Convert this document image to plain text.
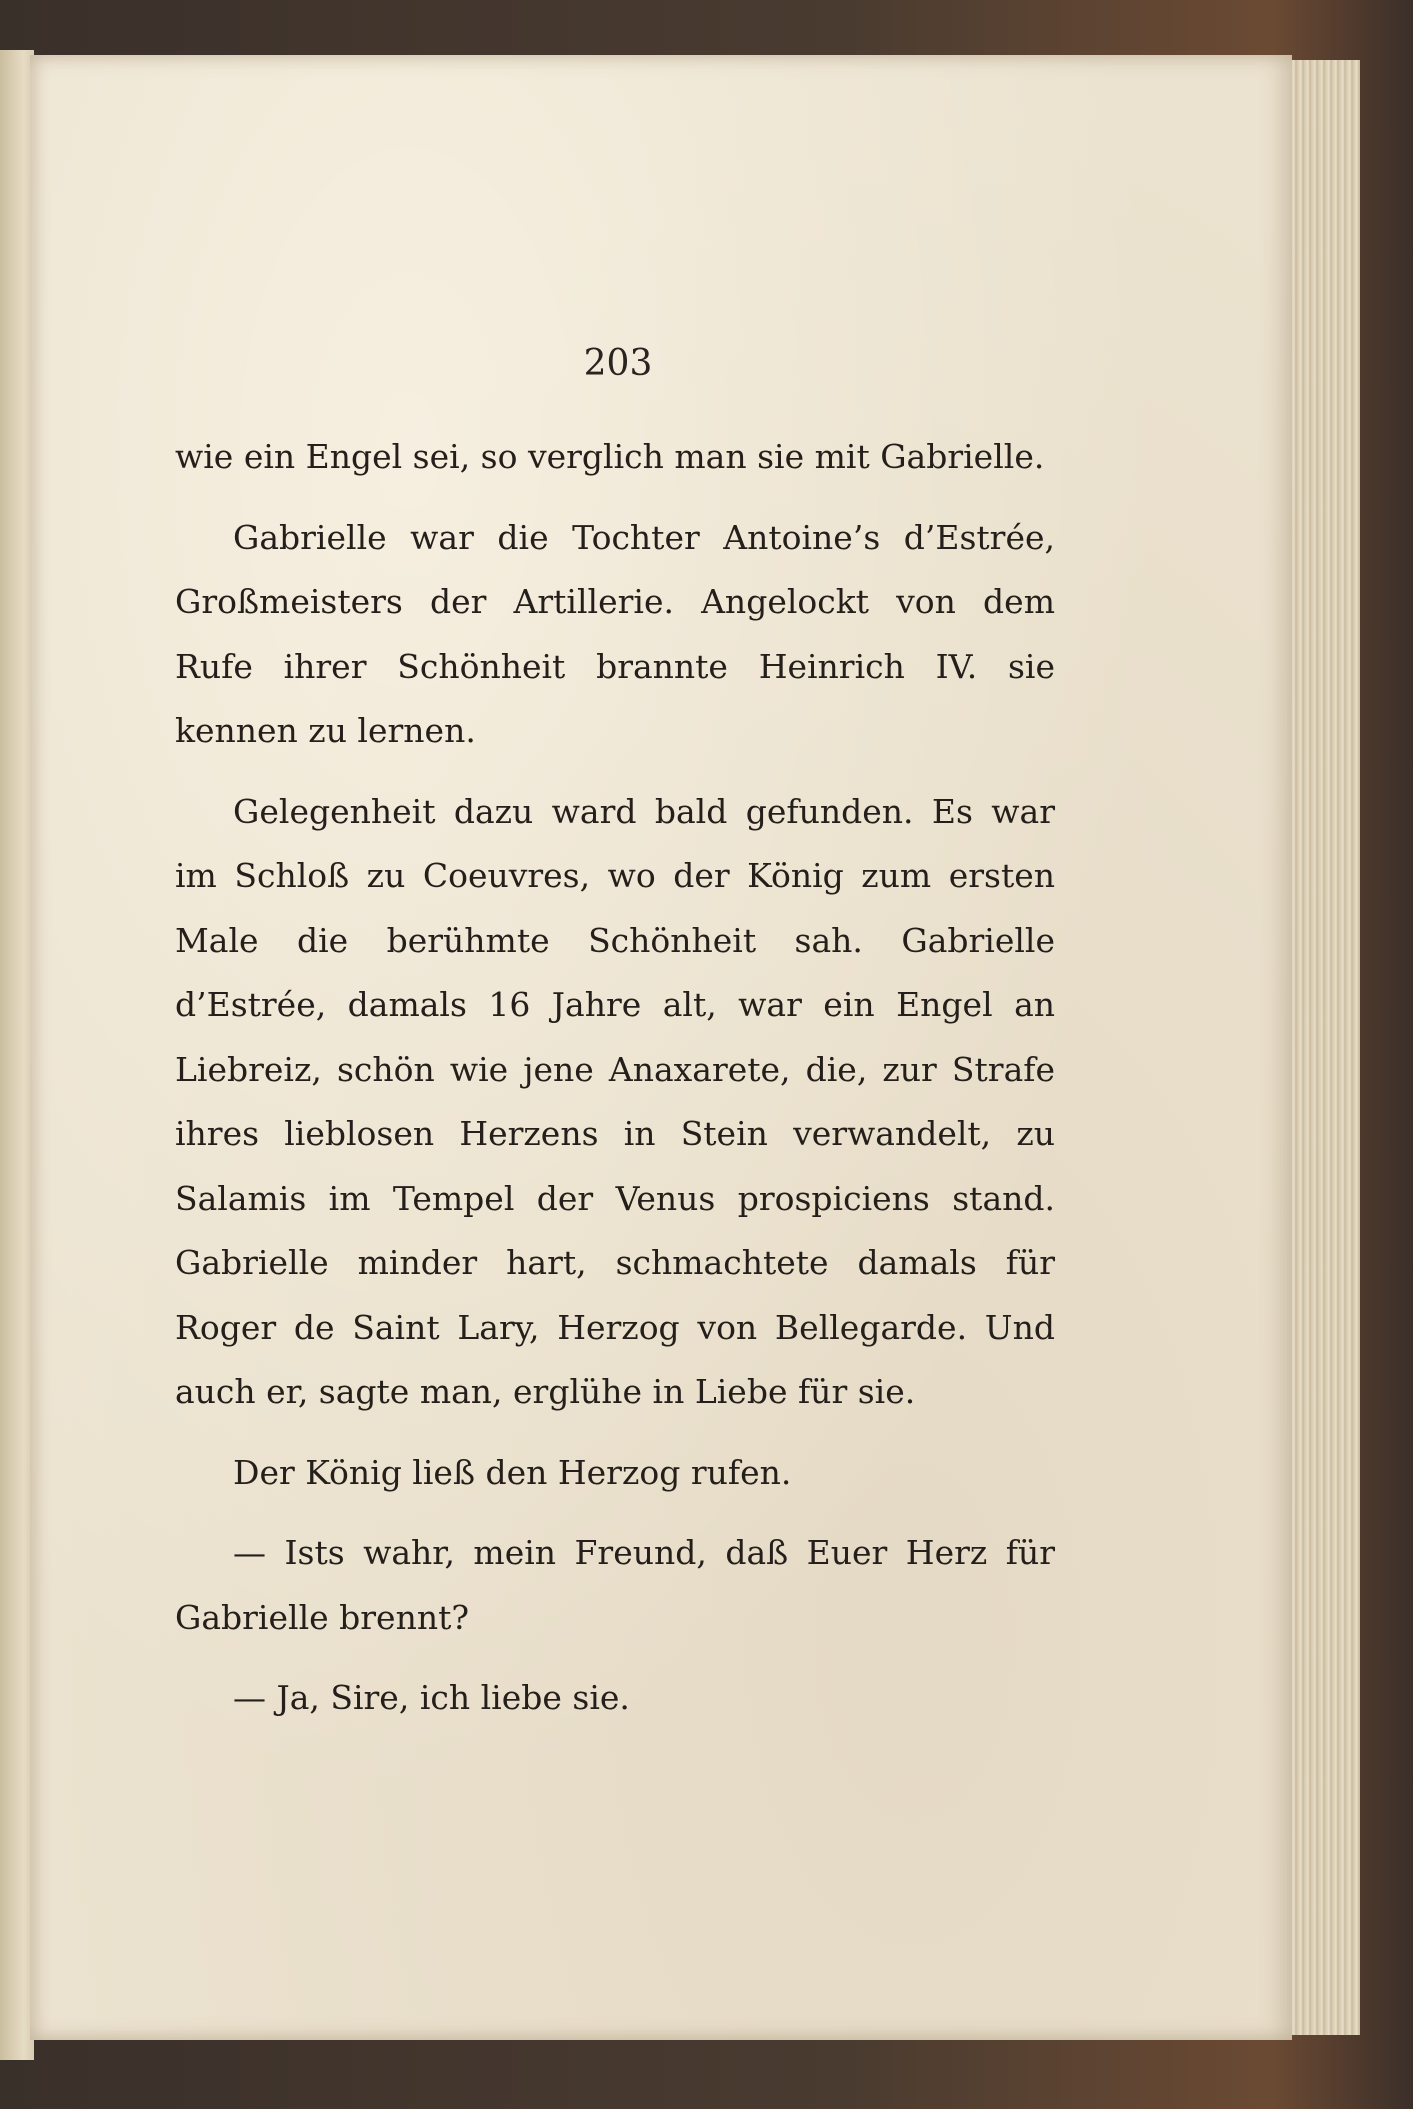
203

wie ein Engel sei, so verglich man sie mit Gabrielle.

Gabrielle war die Tochter Antoine’s d’Estrée, Großmeisters der Artillerie. Angelockt von dem Rufe ihrer Schönheit brannte Heinrich IV. sie kennen zu lernen.

Gelegenheit dazu ward bald gefunden. Es war im Schloß zu Coeuvres, wo der König zum ersten Male die berühmte Schönheit sah. Gabrielle d’Estrée, damals 16 Jahre alt, war ein Engel an Liebreiz, schön wie jene Anaxarete, die, zur Strafe ihres lieblosen Herzens in Stein verwandelt, zu Salamis im Tempel der Venus prospiciens stand. Gabrielle minder hart, schmachtete damals für Roger de Saint Lary, Herzog von Bellegarde. Und auch er, sagte man, erglühe in Liebe für sie.

Der König ließ den Herzog rufen.

— Ists wahr, mein Freund, daß Euer Herz für Gabrielle brennt?

— Ja, Sire, ich liebe sie.
